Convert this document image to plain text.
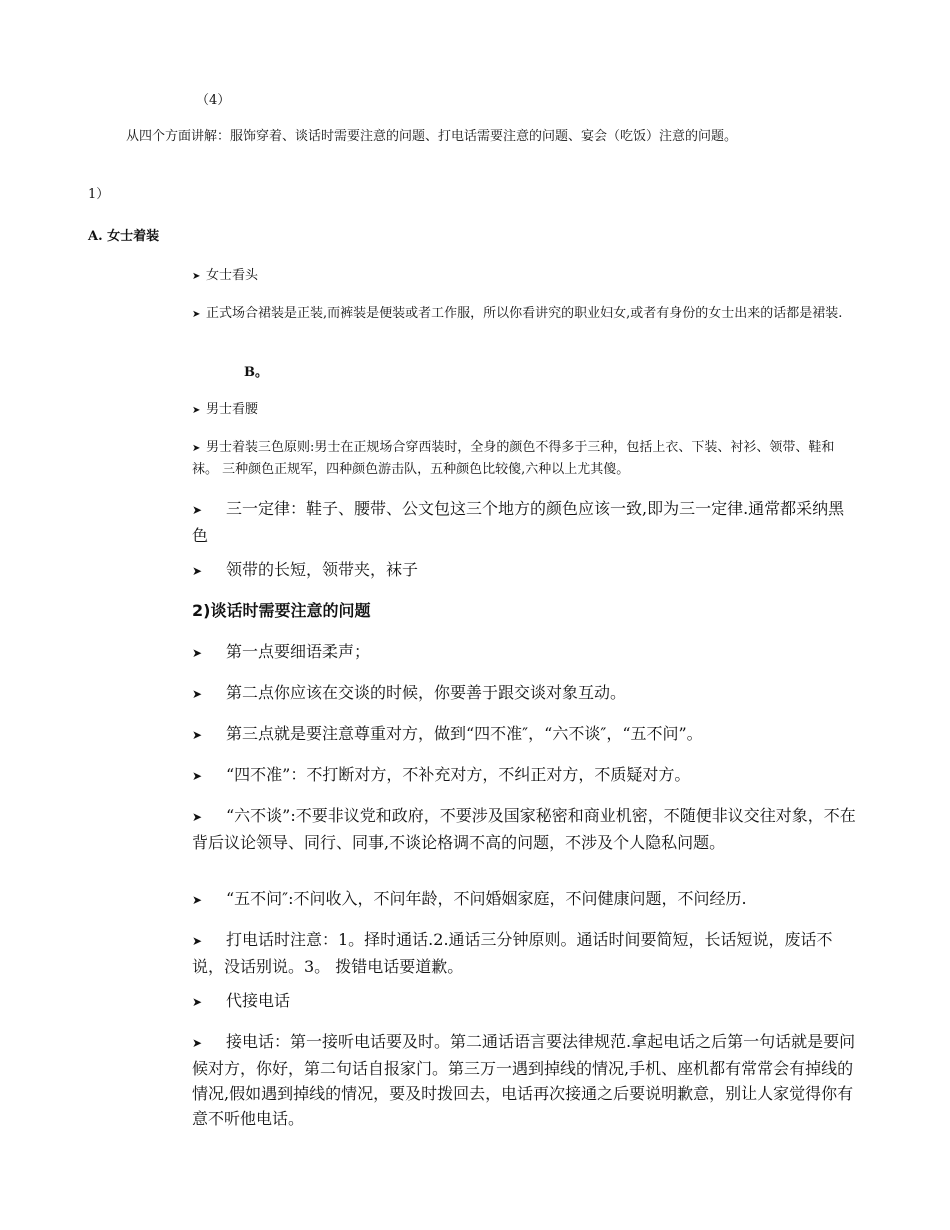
（4）

从四个方面讲解：服饰穿着、谈话时需要注意的问题、打电话需要注意的问题、宴会（吃饭）注意的问题。

1）

A. 女士着装

➤ 女士看头

➤ 正式场合裙装是正装,而裤装是便装或者工作服，所以你看讲究的职业妇女,或者有身份的女士出来的话都是裙装.

B。

➤ 男士看腰

➤ 男士着装三色原则:男士在正规场合穿西装时，全身的颜色不得多于三种，包括上衣、下装、衬衫、领带、鞋和袜。 三种颜色正规军，四种颜色游击队，五种颜色比较傻,六种以上尤其傻。

➤ 三一定律：鞋子、腰带、公文包这三个地方的颜色应该一致,即为三一定律.通常都采纳黑色

➤ 领带的长短，领带夹，袜子

2)谈话时需要注意的问题

➤ 第一点要细语柔声；

➤ 第二点你应该在交谈的时候，你要善于跟交谈对象互动。

➤ 第三点就是要注意尊重对方，做到“四不准″，“六不谈″，“五不问”。

➤ “四不准”：不打断对方，不补充对方，不纠正对方，不质疑对方。

➤ “六不谈”:不要非议党和政府，不要涉及国家秘密和商业机密，不随便非议交往对象，不在背后议论领导、同行、同事,不谈论格调不高的问题，不涉及个人隐私问题。

➤ “五不问″:不问收入，不问年龄，不问婚姻家庭，不问健康问题，不问经历.

➤ 打电话时注意：1。择时通话.2.通话三分钟原则。通话时间要简短，长话短说，废话不说，没话别说。3。 拨错电话要道歉。

➤ 代接电话

➤ 接电话：第一接听电话要及时。第二通话语言要法律规范.拿起电话之后第一句话就是要问候对方，你好，第二句话自报家门。第三万一遇到掉线的情况,手机、座机都有常常会有掉线的情况,假如遇到掉线的情况，要及时拨回去，电话再次接通之后要说明歉意，别让人家觉得你有意不听他电话。
